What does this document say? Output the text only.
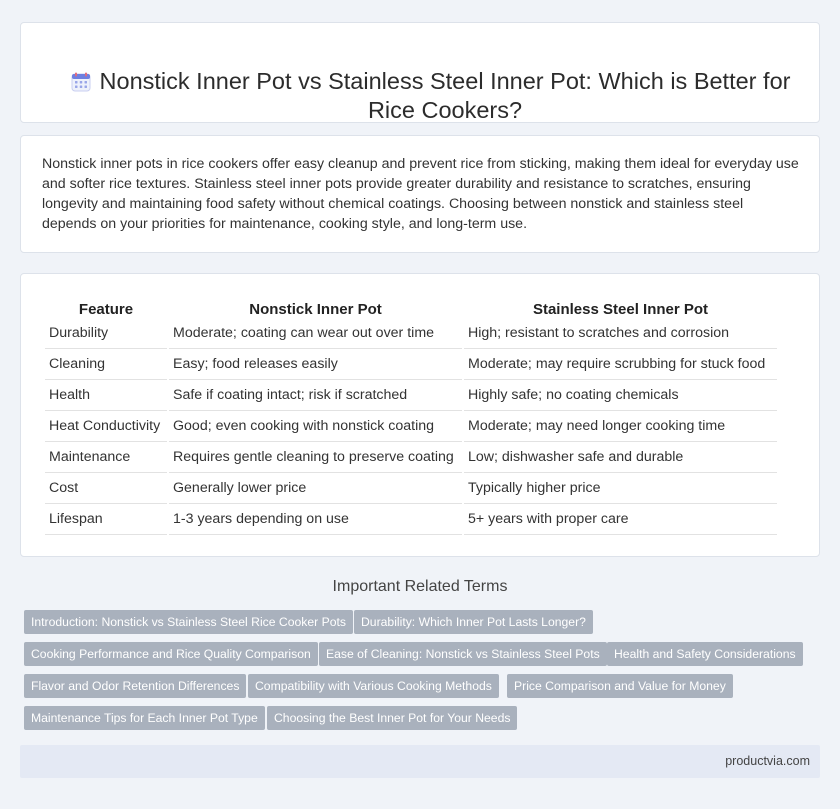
Nonstick Inner Pot vs Stainless Steel Inner Pot: Which is Better for Rice Cookers?

Nonstick inner pots in rice cookers offer easy cleanup and prevent rice from sticking, making them ideal for everyday use and softer rice textures. Stainless steel inner pots provide greater durability and resistance to scratches, ensuring longevity and maintaining food safety without chemical coatings. Choosing between nonstick and stainless steel depends on your priorities for maintenance, cooking style, and long-term use.

Feature	Nonstick Inner Pot	Stainless Steel Inner Pot
Durability	Moderate; coating can wear out over time	High; resistant to scratches and corrosion
Cleaning	Easy; food releases easily	Moderate; may require scrubbing for stuck food
Health	Safe if coating intact; risk if scratched	Highly safe; no coating chemicals
Heat Conductivity	Good; even cooking with nonstick coating	Moderate; may need longer cooking time
Maintenance	Requires gentle cleaning to preserve coating	Low; dishwasher safe and durable
Cost	Generally lower price	Typically higher price
Lifespan	1-3 years depending on use	5+ years with proper care
Important Related Terms
Introduction: Nonstick vs Stainless Steel Rice Cooker Pots	Durability: Which Inner Pot Lasts Longer?
Cooking Performance and Rice Quality Comparison	Ease of Cleaning: Nonstick vs Stainless Steel Pots	Health and Safety Considerations
Flavor and Odor Retention Differences	Compatibility with Various Cooking Methods	Price Comparison and Value for Money
Maintenance Tips for Each Inner Pot Type	Choosing the Best Inner Pot for Your Needs
productvia.com
